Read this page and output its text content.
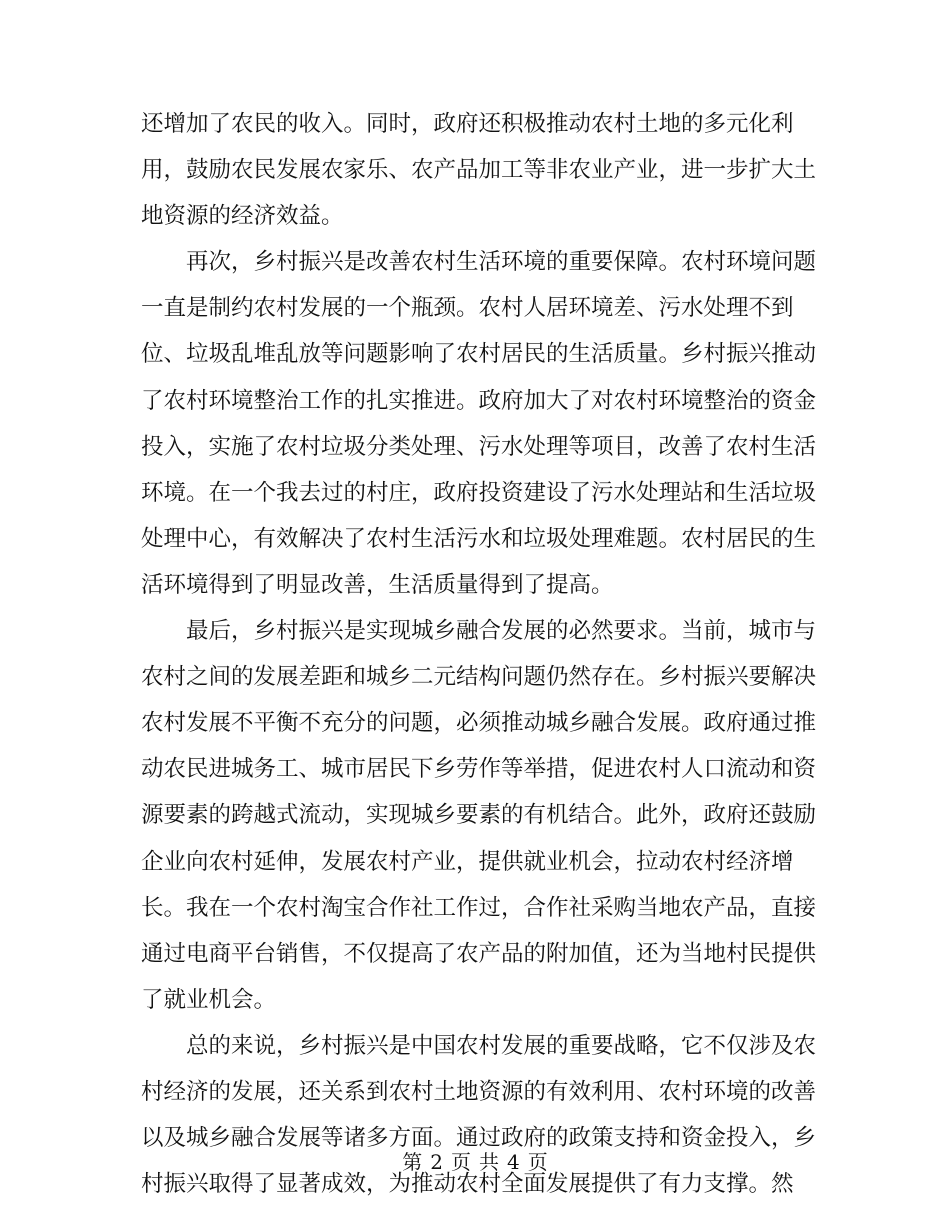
还增加了农民的收入。同时，政府还积极推动农村土地的多元化利
用，鼓励农民发展农家乐、农产品加工等非农业产业，进一步扩大土
地资源的经济效益。
再次，乡村振兴是改善农村生活环境的重要保障。农村环境问题
一直是制约农村发展的一个瓶颈。农村人居环境差、污水处理不到
位、垃圾乱堆乱放等问题影响了农村居民的生活质量。乡村振兴推动
了农村环境整治工作的扎实推进。政府加大了对农村环境整治的资金
投入，实施了农村垃圾分类处理、污水处理等项目，改善了农村生活
环境。在一个我去过的村庄，政府投资建设了污水处理站和生活垃圾
处理中心，有效解决了农村生活污水和垃圾处理难题。农村居民的生
活环境得到了明显改善，生活质量得到了提高。
最后，乡村振兴是实现城乡融合发展的必然要求。当前，城市与
农村之间的发展差距和城乡二元结构问题仍然存在。乡村振兴要解决
农村发展不平衡不充分的问题，必须推动城乡融合发展。政府通过推
动农民进城务工、城市居民下乡劳作等举措，促进农村人口流动和资
源要素的跨越式流动，实现城乡要素的有机结合。此外，政府还鼓励
企业向农村延伸，发展农村产业，提供就业机会，拉动农村经济增
长。我在一个农村淘宝合作社工作过，合作社采购当地农产品，直接
通过电商平台销售，不仅提高了农产品的附加值，还为当地村民提供
了就业机会。
总的来说，乡村振兴是中国农村发展的重要战略，它不仅涉及农
村经济的发展，还关系到农村土地资源的有效利用、农村环境的改善
以及城乡融合发展等诸多方面。通过政府的政策支持和资金投入，乡
村振兴取得了显著成效，为推动农村全面发展提供了有力支撑。然
第 2 页 共 4 页
